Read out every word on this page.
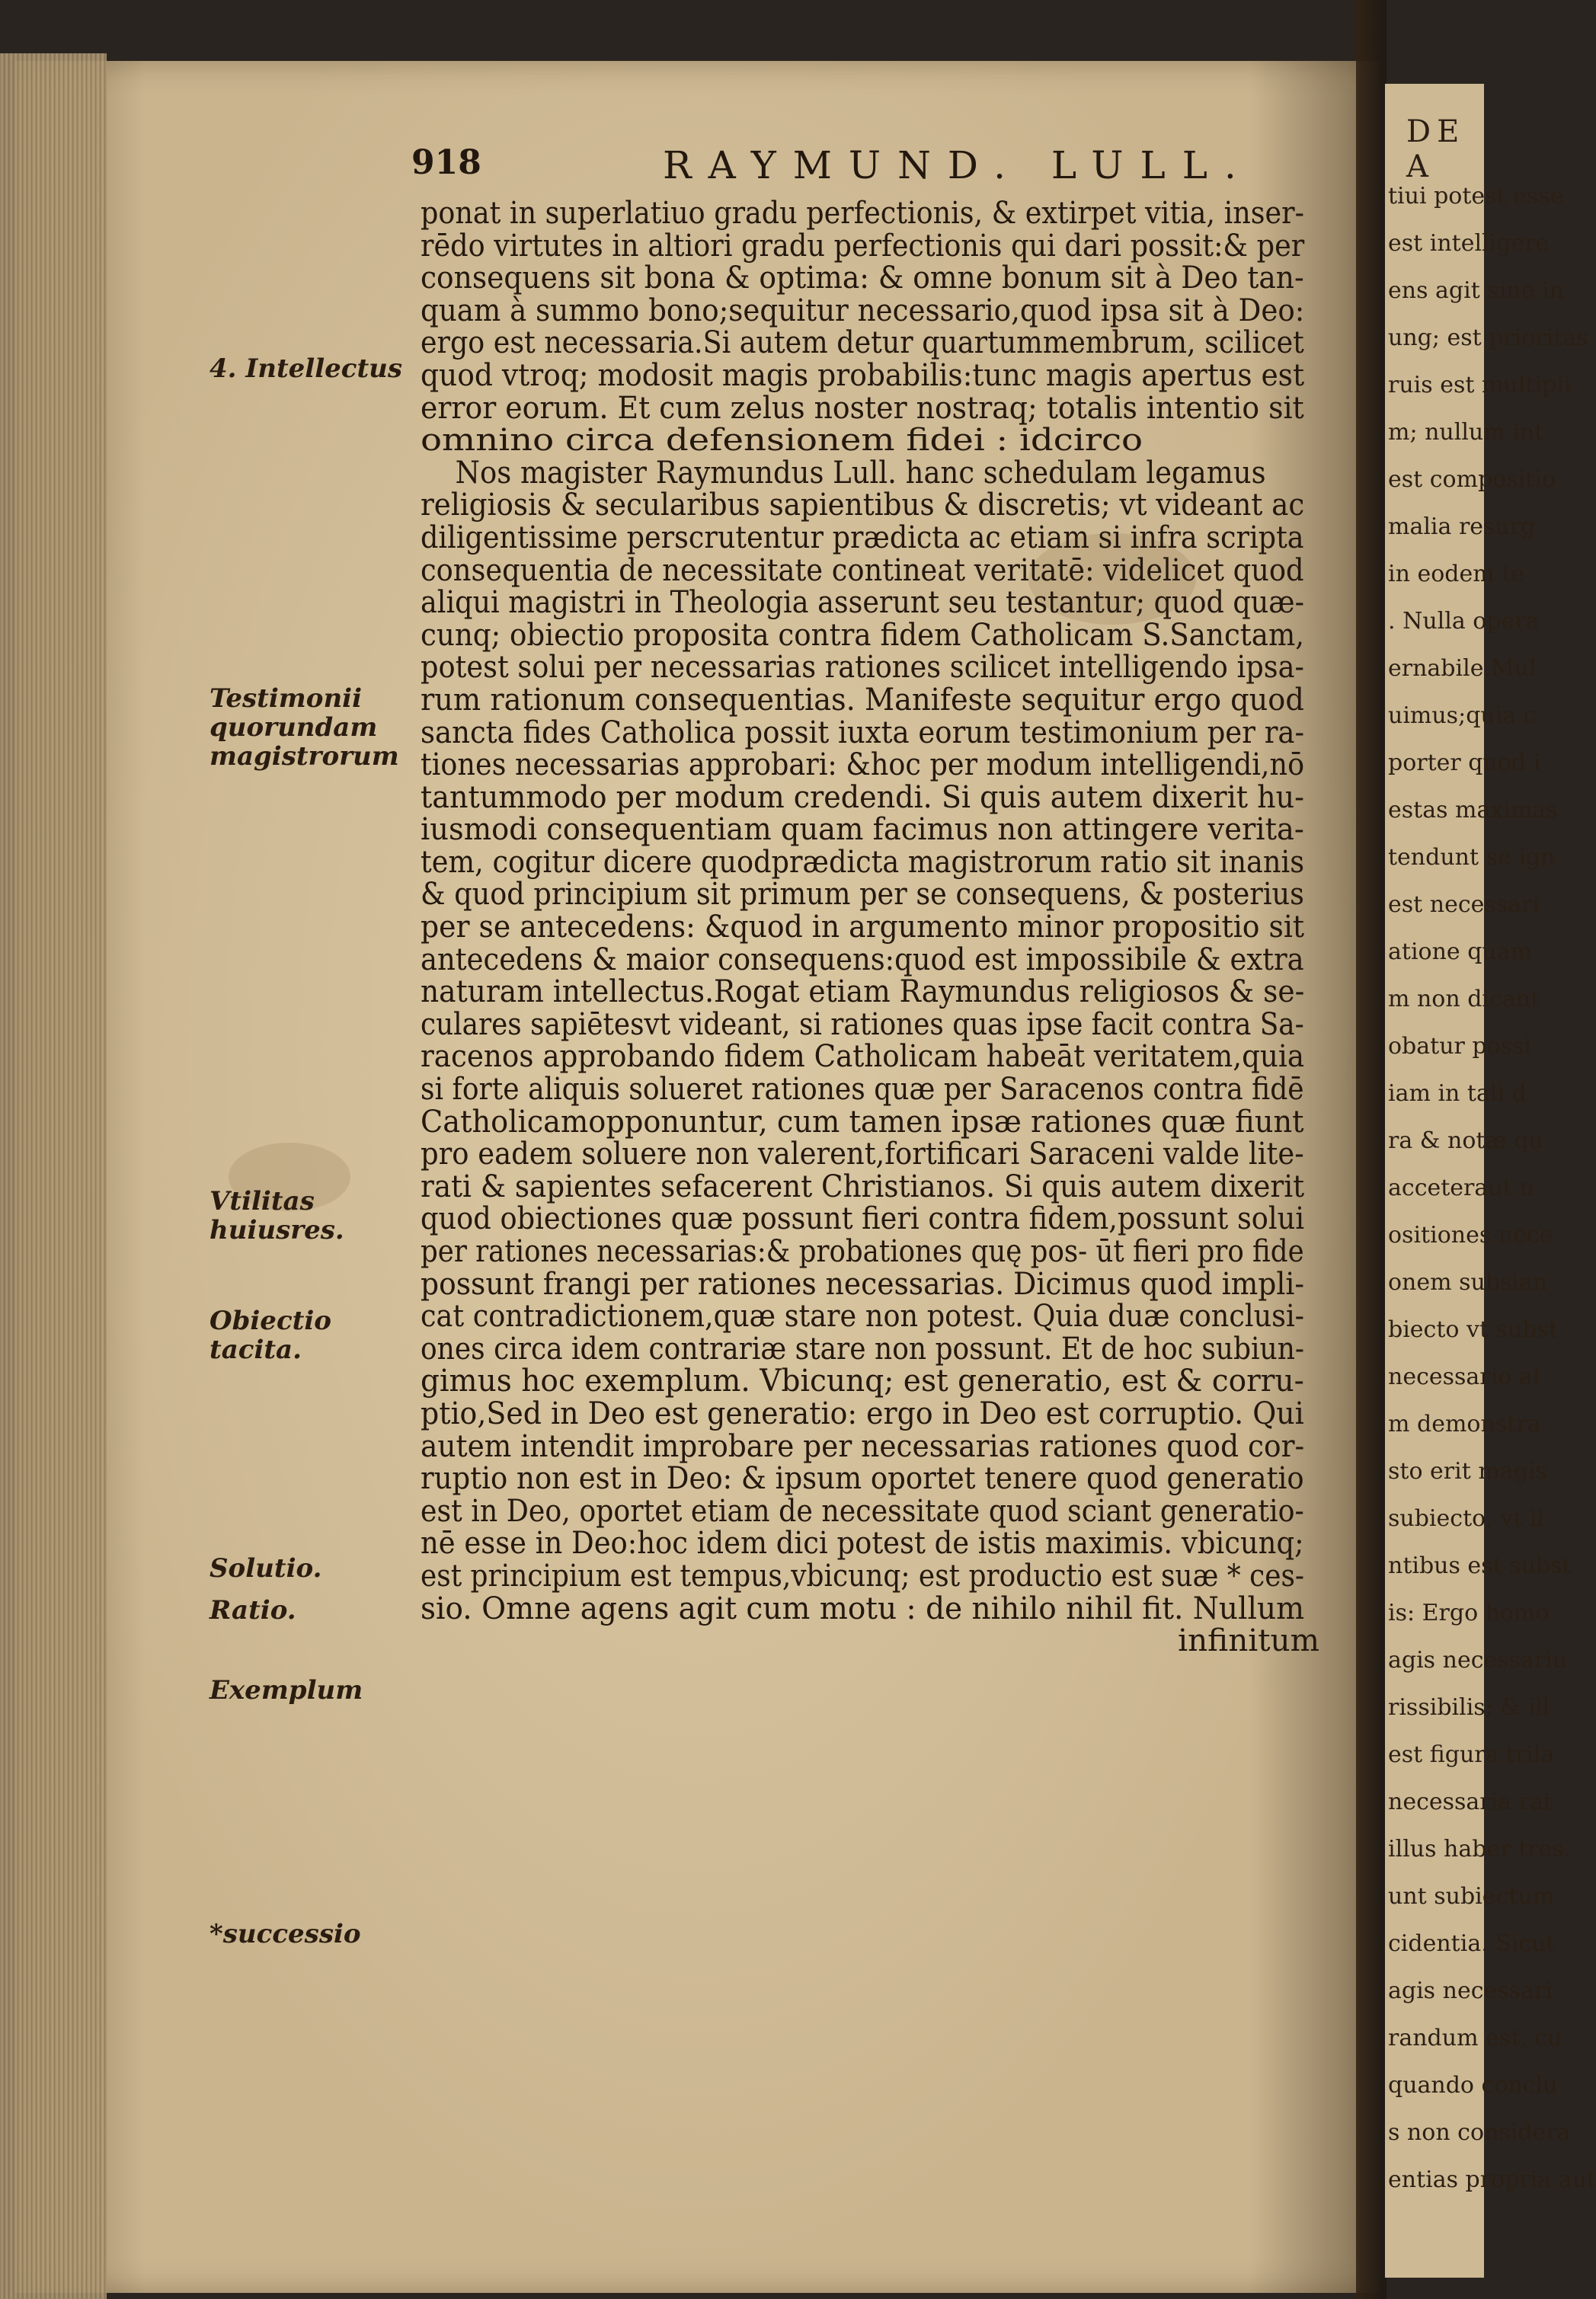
DE A
tiui potest esse
est intelligere
ens agit sine in
ung; est prioritas
ruis est multipli
m; nullum int
est compositio
malia resurg
in eodem te
. Nulla opera
ernabile.Mul
uimus;quia c
porter quod i
estas maximas
tendunt se ign
est necessari
atione quam
m non dicant
obatur possi
iam in tali d
ra & notæ qu
acceteraut n
ositiones nece
onem subsian
biecto vt subst
necessario al
m demonstra
sto erit magis
subiecto, vt il
ntibus est subst
is: Ergo homo
agis necessariu
rissibilis; & ill
est figura trila
necessaria rat
illus haber tres.
unt subiectum
cidentia. Sicut
agis necessari
randum est, cu
quando conclu
s non considera
entias propria aut
918	RAYMUND. LULL.
4. Intellectus
Testimonii quorundam magistrorum
Vtilitas huiusres.
Obiectio tacita.
Solutio.
Ratio.
Exemplum
*successio
ponat in superlatiuo gradu perfectionis, & extirpet vitia, inser-
rēdo virtutes in altiori gradu perfectionis qui dari possit:& per
consequens sit bona & optima: & omne bonum sit à Deo tan-
quam à summo bono;sequitur necessario,quod ipsa sit à Deo:
ergo est necessaria.Si autem detur quartummembrum, scilicet
quod vtroq; modosit magis probabilis:tunc magis apertus est
error eorum. Et cum zelus noster nostraq; totalis intentio sit
omnino circa defensionem fidei : idcirco
Nos magister Raymundus Lull. hanc schedulam legamus
religiosis & secularibus sapientibus & discretis; vt videant ac
diligentissime perscrutentur prædicta ac etiam si infra scripta
consequentia de necessitate contineat veritatē: videlicet quod
aliqui magistri in Theologia asserunt seu testantur; quod quæ-
cunq; obiectio proposita contra fidem Catholicam S.Sanctam,
potest solui per necessarias rationes scilicet intelligendo ipsa-
rum rationum consequentias. Manifeste sequitur ergo quod
sancta fides Catholica possit iuxta eorum testimonium per ra-
tiones necessarias approbari: &hoc per modum intelligendi,nō
tantummodo per modum credendi. Si quis autem dixerit hu-
iusmodi consequentiam quam facimus non attingere verita-
tem, cogitur dicere quodprædicta magistrorum ratio sit inanis
& quod principium sit primum per se consequens, & posterius
per se antecedens: &quod in argumento minor propositio sit
antecedens & maior consequens:quod est impossibile & extra
naturam intellectus.Rogat etiam Raymundus religiosos & se-
culares sapiētesvt videant, si rationes quas ipse facit contra Sa-
racenos approbando fidem Catholicam habeāt veritatem,quia
si forte aliquis solueret rationes quæ per Saracenos contra fidē
Catholicamopponuntur, cum tamen ipsæ rationes quæ fiunt
pro eadem soluere non valerent,fortificari Saraceni valde lite-
rati & sapientes sefacerent Christianos. Si quis autem dixerit
quod obiectiones quæ possunt fieri contra fidem,possunt solui
per rationes necessarias:& probationes quę pos- ūt fieri pro fide
possunt frangi per rationes necessarias. Dicimus quod impli-
cat contradictionem,quæ stare non potest. Quia duæ conclusi-
ones circa idem contrariæ stare non possunt. Et de hoc subiun-
gimus hoc exemplum. Vbicunq; est generatio, est & corru-
ptio,Sed in Deo est generatio: ergo in Deo est corruptio. Qui
autem intendit improbare per necessarias rationes quod cor-
ruptio non est in Deo: & ipsum oportet tenere quod generatio
est in Deo, oportet etiam de necessitate quod sciant generatio-
nē esse in Deo:hoc idem dici potest de istis maximis. vbicunq;
est principium est tempus,vbicunq; est productio est suæ * ces-
sio. Omne agens agit cum motu : de nihilo nihil fit. Nullum
infinitum
